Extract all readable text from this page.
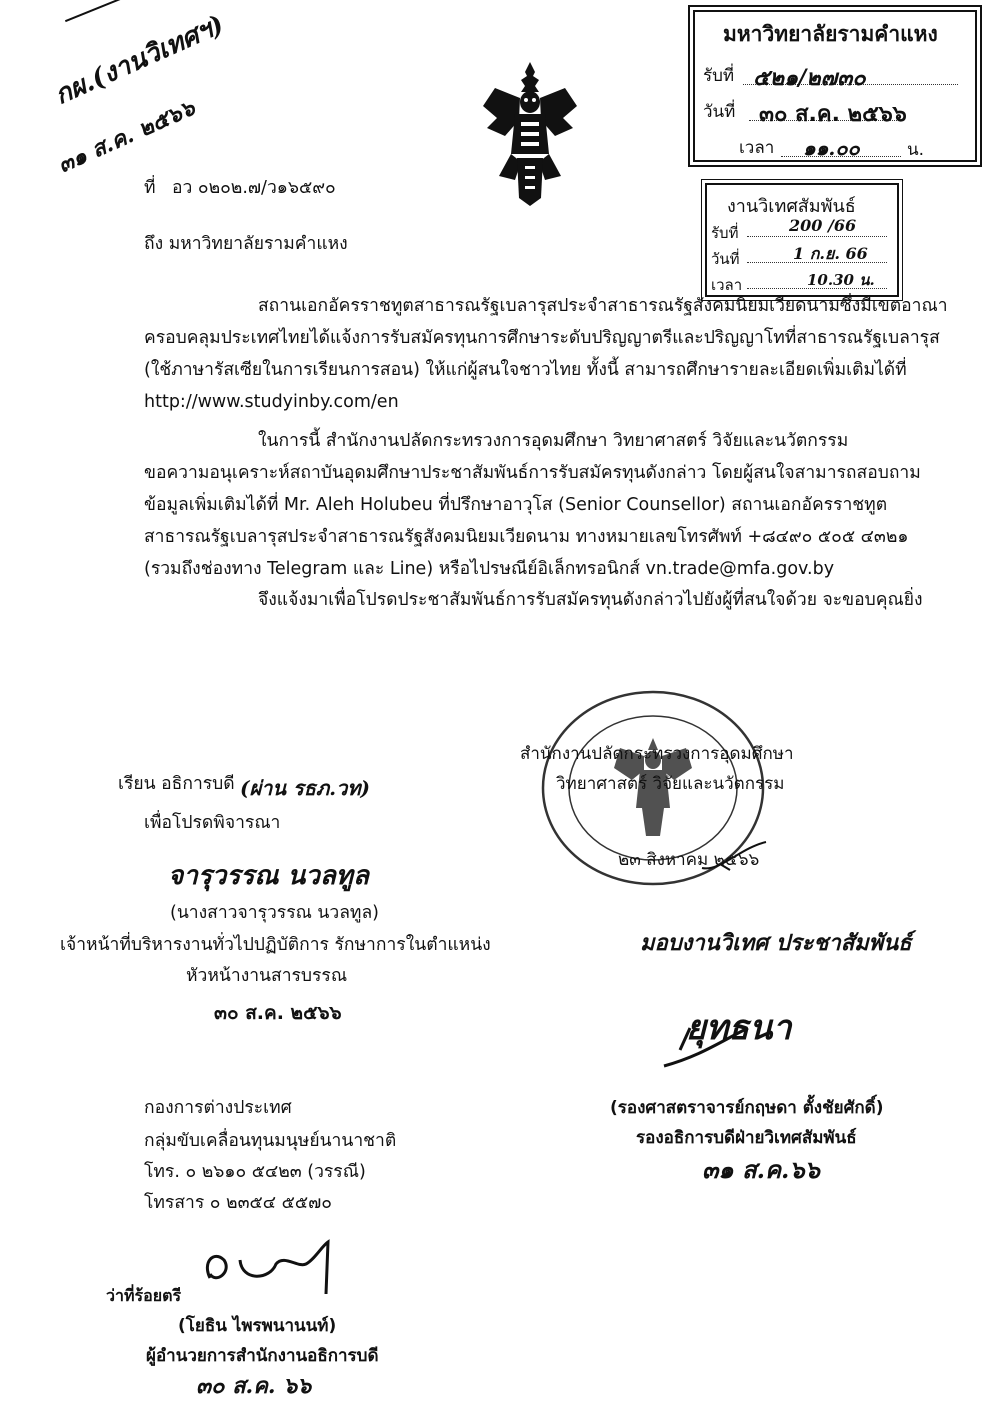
กผ.(งานวิเทศฯ)
๓๑ ส.ค. ๒๕๖๖
มหาวิทยาลัยรามคำแหง
รับที่ ๕๒๑/๒๗๓๐
วันที่ ๓๐ ส.ค. ๒๕๖๖
เวลา ๑๑.๐๐	น.
งานวิเทศสัมพันธ์
รับที่	200 /66
วันที่	1 ก.ย. 66
เวลา	10.30 น.
ที่ อว ๐๒๐๒.๗/ว๑๖๕๙๐
ถึง มหาวิทยาลัยรามคำแหง
สถานเอกอัครราชทูตสาธารณรัฐเบลารุสประจำสาธารณรัฐสังคมนิยมเวียดนามซึ่งมีเขตอาณา
ครอบคลุมประเทศไทยได้แจ้งการรับสมัครทุนการศึกษาระดับปริญญาตรีและปริญญาโทที่สาธารณรัฐเบลารุส
(ใช้ภาษารัสเซียในการเรียนการสอน) ให้แก่ผู้สนใจชาวไทย ทั้งนี้ สามารถศึกษารายละเอียดเพิ่มเติมได้ที่
http://www.studyinby.com/en
ในการนี้ สำนักงานปลัดกระทรวงการอุดมศึกษา วิทยาศาสตร์ วิจัยและนวัตกรรม
ขอความอนุเคราะห์สถาบันอุดมศึกษาประชาสัมพันธ์การรับสมัครทุนดังกล่าว โดยผู้สนใจสามารถสอบถาม
ข้อมูลเพิ่มเติมได้ที่ Mr. Aleh Holubeu ที่ปรึกษาอาวุโส (Senior Counsellor) สถานเอกอัครราชทูต
สาธารณรัฐเบลารุสประจำสาธารณรัฐสังคมนิยมเวียดนาม ทางหมายเลขโทรศัพท์ +๘๔๙๐ ๕๐๕ ๔๓๒๑
(รวมถึงช่องทาง Telegram และ Line) หรือไปรษณีย์อิเล็กทรอนิกส์ vn.trade@mfa.gov.by
จึงแจ้งมาเพื่อโปรดประชาสัมพันธ์การรับสมัครทุนดังกล่าวไปยังผู้ที่สนใจด้วย จะขอบคุณยิ่ง
สำนักงานปลัดกระทรวงการอุดมศึกษา
วิทยาศาสตร์ วิจัยและนวัตกรรม
๒๓ สิงหาคม ๒๕๖๖
เรียน อธิการบดี (ผ่าน รธภ.วท)
เพื่อโปรดพิจารณา
จารุวรรณ นวลทูล
(นางสาวจารุวรรณ นวลทูล)
เจ้าหน้าที่บริหารงานทั่วไปปฏิบัติการ รักษาการในตำแหน่ง
หัวหน้างานสารบรรณ
๓๐ ส.ค. ๒๕๖๖
มอบงานวิเทศ ประชาสัมพันธ์
ยุทธนา
(รองศาสตราจารย์กฤษดา ตั้งชัยศักดิ์)
รองอธิการบดีฝ่ายวิเทศสัมพันธ์
๓๑ ส.ค.๖๖
กองการต่างประเทศ
กลุ่มขับเคลื่อนทุนมนุษย์นานาชาติ
โทร. ๐ ๒๖๑๐ ๕๔๒๓ (วรรณี)
โทรสาร ๐ ๒๓๕๔ ๕๕๗๐
ว่าที่ร้อยตรี
(โยธิน ไพรพนานนท์)
ผู้อำนวยการสำนักงานอธิการบดี
๓๐ ส.ค. ๖๖
